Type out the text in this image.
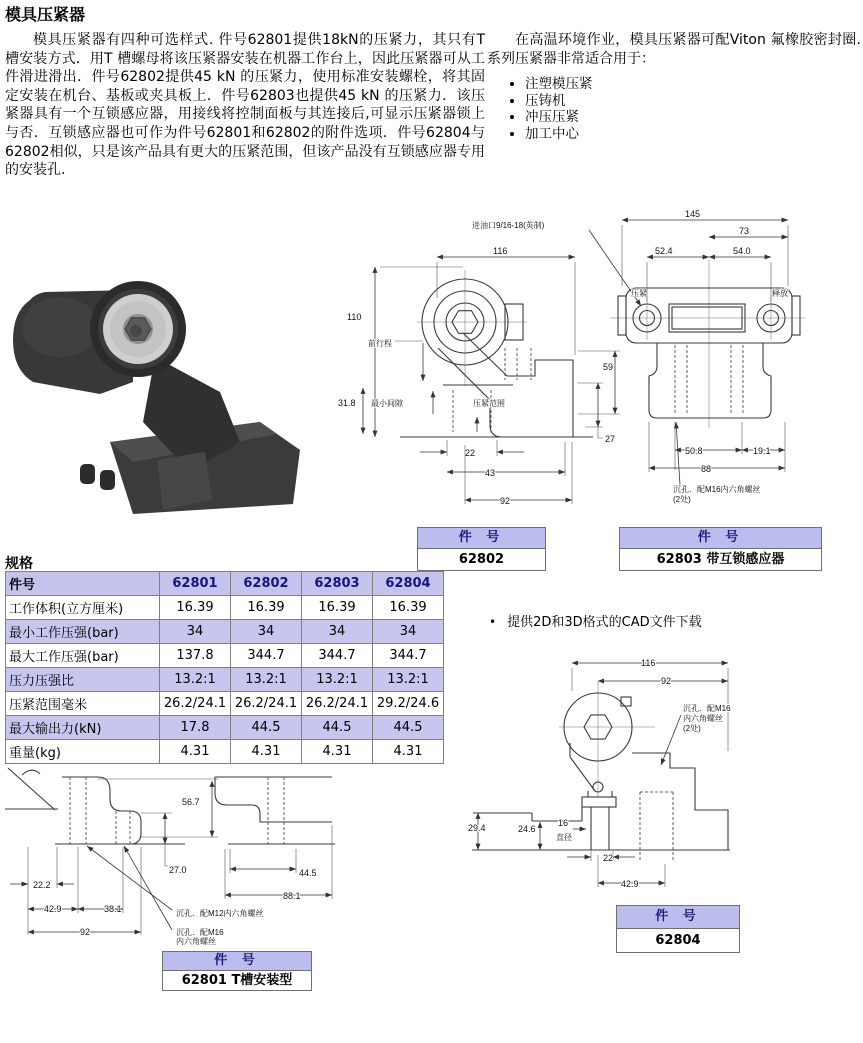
模具压紧器
模具压紧器有四种可选样式. 件号62801提供18kN的压紧力，其只有T 槽安装方式．用T 槽螺母将该压紧器安装在机器工作台上，因此压紧器可从工件滑进滑出．件号62802提供45 kN 的压紧力，使用标准安装螺栓，将其固定安装在机台、基板或夹具板上．件号62803也提供45 kN 的压紧力．该压紧器具有一个互锁感应器，用接线将控制面板与其连接后,可显示压紧器锁上与否．互锁感应器也可作为件号62801和62802的附件选项．件号62804与62802相似，只是该产品具有更大的压紧范围，但该产品没有互锁感应器专用的安装孔.
在高温环境作业，模具压紧器可配Viton 氟橡胶密封圈.系列压紧器非常适合用于：
• 注塑模压紧
• 压铸机
• 冲压压紧
• 加工中心
116
110
进油口9/16-18(英制)
前行程
31.8 最小间隙	压紧范围
59
27
22
43
92
压紧	释放
145
73
52.4	54.0
50.8	19.1
88
沉孔．配M16内六角螺丝
(2处)
件 号
62802
件 号
62803 带互锁感应器
规格
件号	62801	62802	62803	62804
工作体积(立方厘米)	16.39	16.39	16.39	16.39
最小工作压强(bar)	34	34	34	34
最大工作压强(bar)	137.8	344.7	344.7	344.7
压力压强比	13.2:1	13.2:1	13.2:1	13.2:1
压紧范围毫米	26.2/24.1	26.2/24.1	26.2/24.1	29.2/24.6
最大输出力(kN)	17.8	44.5	44.5	44.5
重量(kg)	4.31	4.31	4.31	4.31
• 提供2D和3D格式的CAD文件下载
56.7
27.0
22.2
42.9	38.1
92
44.5
88.1
沉孔．配M12内六角螺丝
沉孔．配M16
内六角螺丝
件 号
62801 T槽安装型
116
92
29.4	24.6
16
直径
22
42.9
沉孔．配M16
内六角螺丝
(2处)
件 号
62804
